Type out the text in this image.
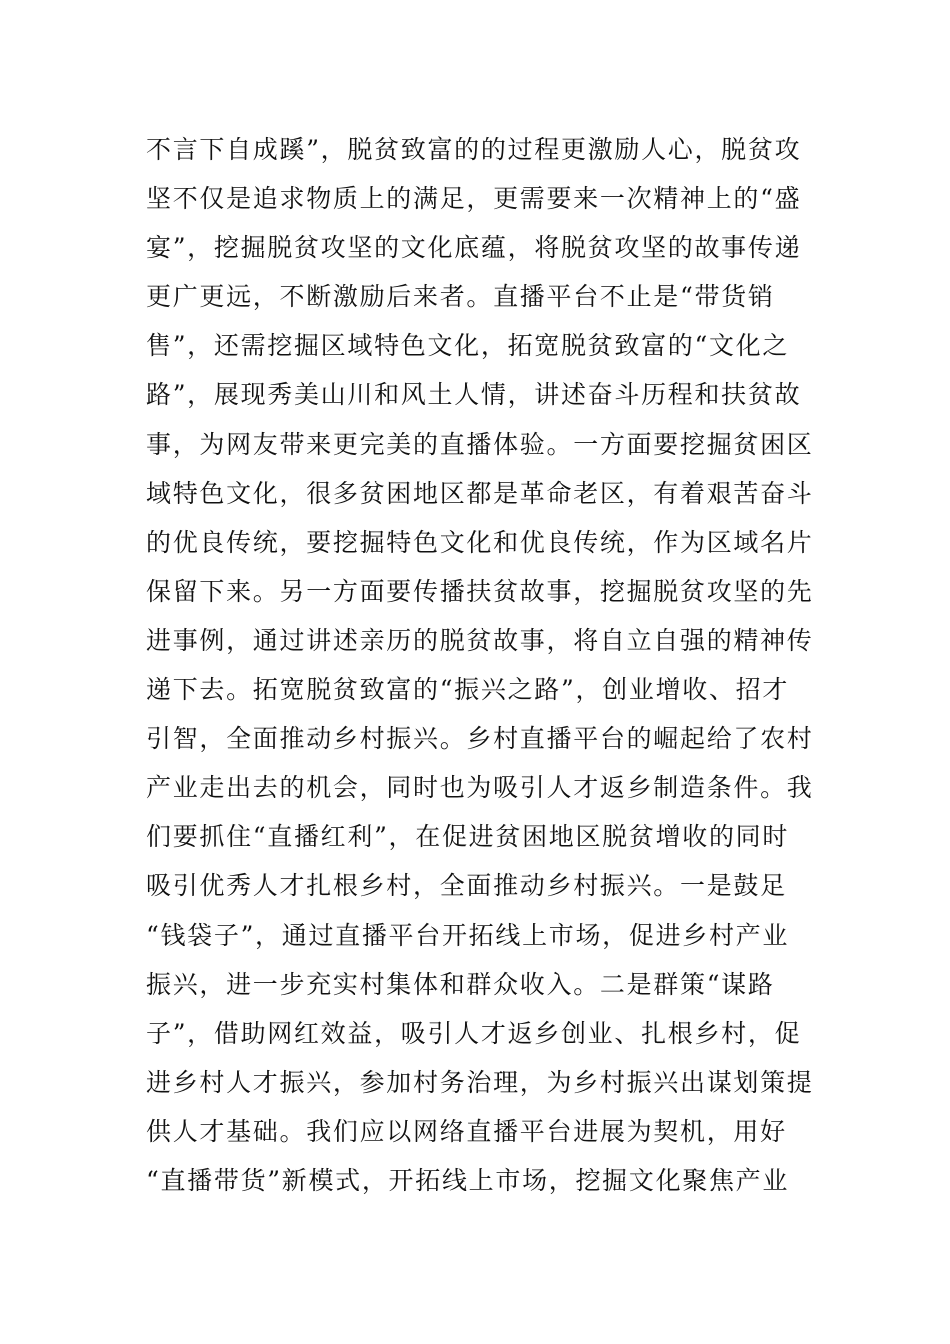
不言下自成蹊”，脱贫致富的的过程更激励人心，脱贫攻
坚不仅是追求物质上的满足，更需要来一次精神上的“盛
宴”，挖掘脱贫攻坚的文化底蕴，将脱贫攻坚的故事传递
更广更远，不断激励后来者。直播平台不止是“带货销
售”，还需挖掘区域特色文化，拓宽脱贫致富的“文化之
路”，展现秀美山川和风土人情，讲述奋斗历程和扶贫故
事，为网友带来更完美的直播体验。一方面要挖掘贫困区
域特色文化，很多贫困地区都是革命老区，有着艰苦奋斗
的优良传统，要挖掘特色文化和优良传统，作为区域名片
保留下来。另一方面要传播扶贫故事，挖掘脱贫攻坚的先
进事例，通过讲述亲历的脱贫故事，将自立自强的精神传
递下去。拓宽脱贫致富的“振兴之路”，创业增收、招才
引智，全面推动乡村振兴。乡村直播平台的崛起给了农村
产业走出去的机会，同时也为吸引人才返乡制造条件。我
们要抓住“直播红利”，在促进贫困地区脱贫增收的同时
吸引优秀人才扎根乡村，全面推动乡村振兴。一是鼓足
“钱袋子”，通过直播平台开拓线上市场，促进乡村产业
振兴，进一步充实村集体和群众收入。二是群策“谋路
子”，借助网红效益，吸引人才返乡创业、扎根乡村，促
进乡村人才振兴，参加村务治理，为乡村振兴出谋划策提
供人才基础。我们应以网络直播平台进展为契机，用好
“直播带货”新模式，开拓线上市场，挖掘文化聚焦产业
